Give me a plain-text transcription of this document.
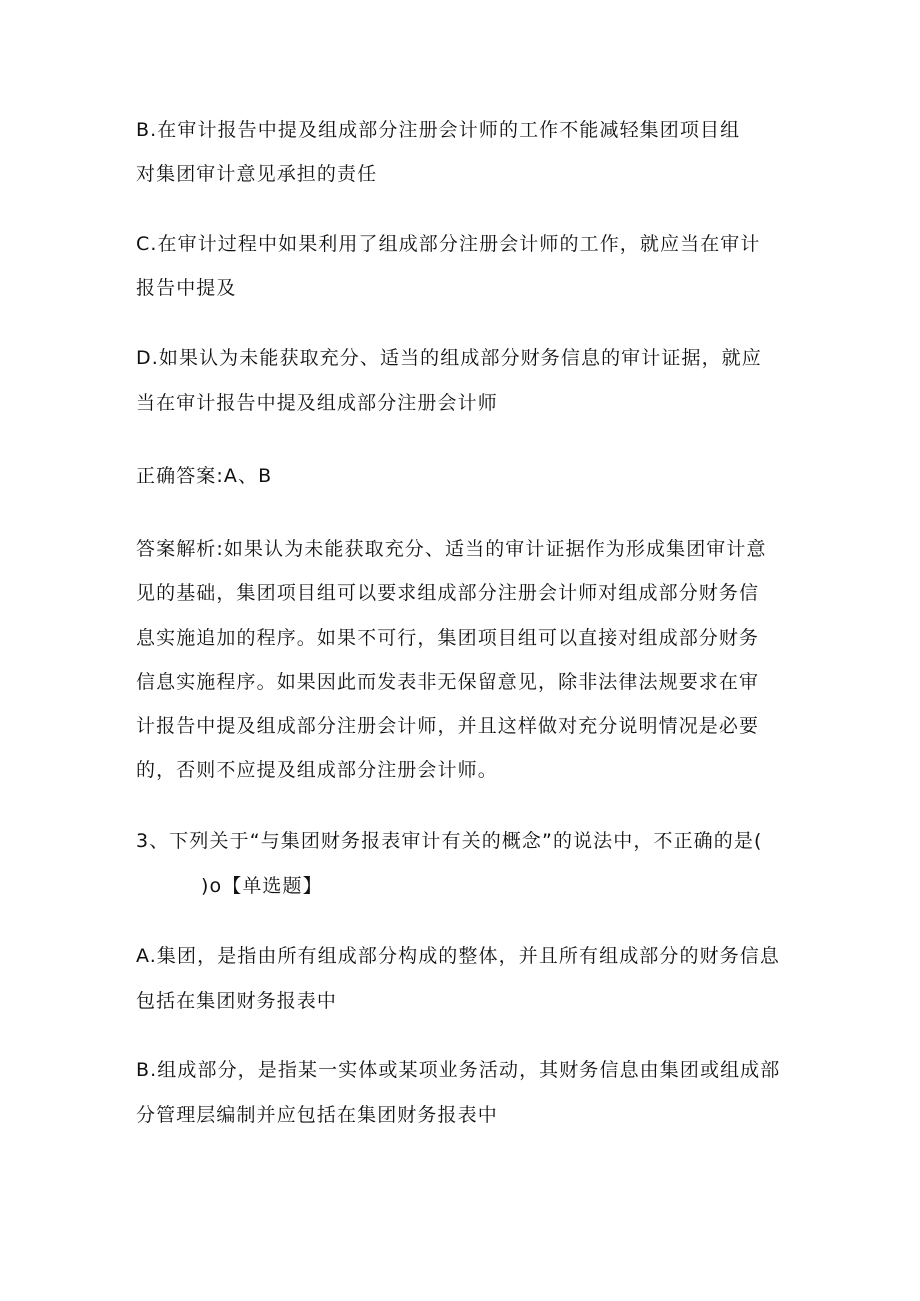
B.在审计报告中提及组成部分注册会计师的工作不能减轻集团项目组
对集团审计意见承担的责任
C.在审计过程中如果利用了组成部分注册会计师的工作，就应当在审计
报告中提及
D.如果认为未能获取充分、适当的组成部分财务信息的审计证据，就应
当在审计报告中提及组成部分注册会计师
正确答案:A、B
答案解析:如果认为未能获取充分、适当的审计证据作为形成集团审计意
见的基础，集团项目组可以要求组成部分注册会计师对组成部分财务信
息实施追加的程序。如果不可行，集团项目组可以直接对组成部分财务
信息实施程序。如果因此而发表非无保留意见，除非法律法规要求在审
计报告中提及组成部分注册会计师，并且这样做对充分说明情况是必要
的，否则不应提及组成部分注册会计师。
3、下列关于“与集团财务报表审计有关的概念”的说法中，不正确的是(
)o【单选题】
A.集团，是指由所有组成部分构成的整体，并且所有组成部分的财务信息
包括在集团财务报表中
B.组成部分，是指某一实体或某项业务活动，其财务信息由集团或组成部
分管理层编制并应包括在集团财务报表中
